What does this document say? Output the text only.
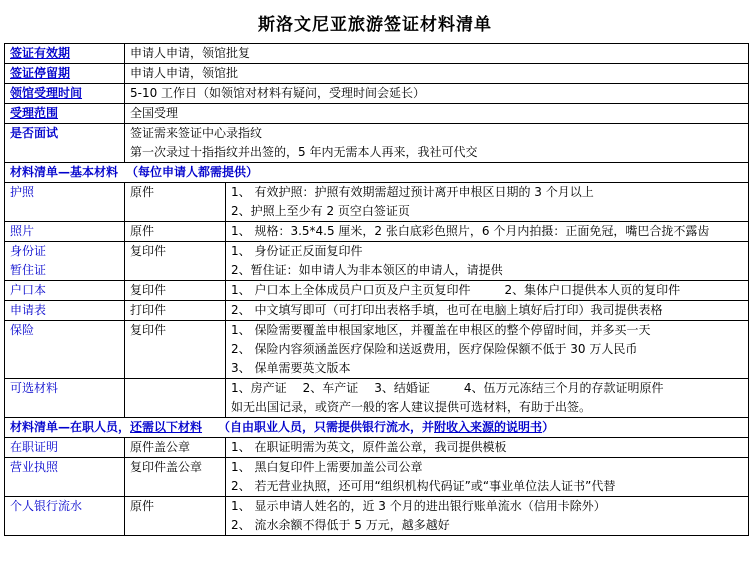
斯洛文尼亚旅游签证材料清单
签证有效期	申请人申请，领馆批复	
签证停留期	申请人申请，领馆批	
领馆受理时间	5-10 工作日（如领馆对材料有疑问，受理时间会延长）	
受理范围	全国受理	
是否面试	签证需来签证中心录指纹
第一次录过十指指纹并出签的，5 年内无需本人再来，我社可代交	

材料清单—基本材料 （每位申请人都需提供）		
护照	原件	1、 有效护照：护照有效期需超过预计离开申根区日期的 3 个月以上
2、护照上至少有 2 页空白签证页

照片	原件	1、 规格：3.5*4.5 厘米，2 张白底彩色照片，6 个月内拍摄：正面免冠，嘴巴合拢不露齿

身份证
暂住证	复印件	1、 身份证正反面复印件
2、暂住证：如申请人为非本领区的申请人，请提供

户口本	复印件	1、 户口本上全体成员户口页及户主页复印件 2、集体户口提供本人页的复印件
申请表	打印件	2、 中文填写即可（可打印出表格手填，也可在电脑上填好后打印）我司提供表格
保险	复印件	1、 保险需要覆盖申根国家地区，并覆盖在申根区的整个停留时间，并多买一天
2、 保险内容须涵盖医疗保险和送返费用，医疗保险保额不低于 30 万人民币
3、 保单需要英文版本

可选材料		1、房产证 2、车产证 3、结婚证 4、伍万元冻结三个月的存款证明原件
如无出国记录，或资产一般的客人建议提供可选材料，有助于出签。

材料清单—在职人员，还需以下材料 （自由职业人员，只需提供银行流水，并附收入来源的说明书）		
在职证明	原件盖公章	1、 在职证明需为英文，原件盖公章，我司提供模板
营业执照	复印件盖公章	1、 黑白复印件上需要加盖公司公章
2、 若无营业执照，还可用“组织机构代码证”或“事业单位法人证书”代替

个人银行流水	原件	1、 显示申请人姓名的，近 3 个月的进出银行账单流水（信用卡除外）
2、 流水余额不得低于 5 万元，越多越好
